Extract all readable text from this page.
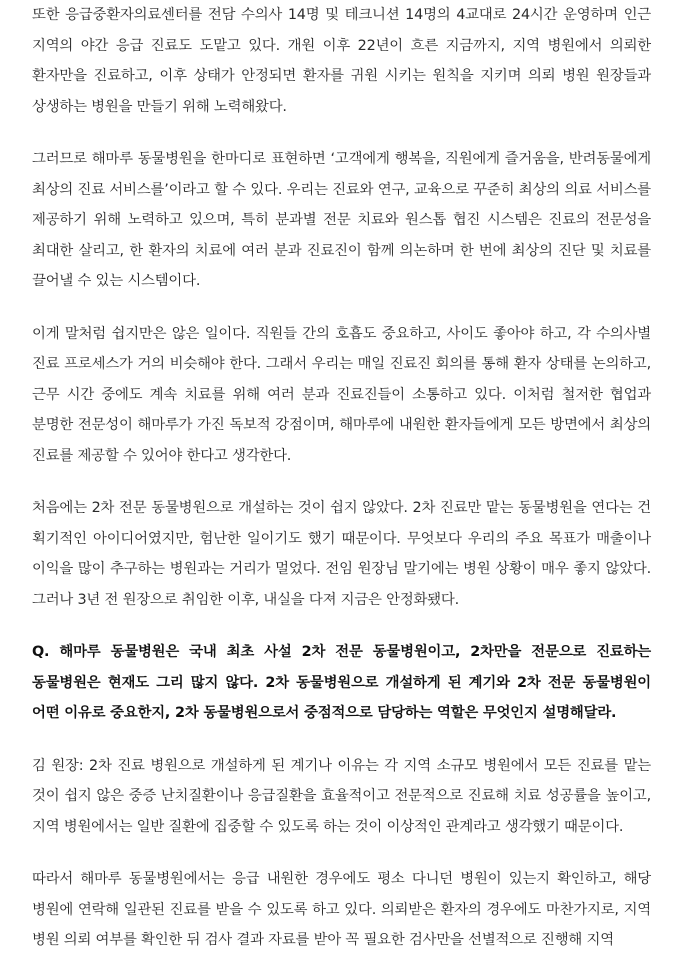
또한 응급중환자의료센터를 전담 수의사 14명 및 테크니션 14명의 4교대로 24시간 운영하며 인근 지역의 야간 응급 진료도 도맡고 있다. 개원 이후 22년이 흐른 지금까지, 지역 병원에서 의뢰한 환자만을 진료하고, 이후 상태가 안정되면 환자를 귀원 시키는 원칙을 지키며 의뢰 병원 원장들과 상생하는 병원을 만들기 위해 노력해왔다.

그러므로 해마루 동물병원을 한마디로 표현하면 ‘고객에게 행복을, 직원에게 즐거움을, 반려동물에게 최상의 진료 서비스를’이라고 할 수 있다. 우리는 진료와 연구, 교육으로 꾸준히 최상의 의료 서비스를 제공하기 위해 노력하고 있으며, 특히 분과별 전문 치료와 원스톱 협진 시스템은 진료의 전문성을 최대한 살리고, 한 환자의 치료에 여러 분과 진료진이 함께 의논하며 한 번에 최상의 진단 및 치료를 끌어낼 수 있는 시스템이다.

이게 말처럼 쉽지만은 않은 일이다. 직원들 간의 호흡도 중요하고, 사이도 좋아야 하고, 각 수의사별 진료 프로세스가 거의 비슷해야 한다. 그래서 우리는 매일 진료진 회의를 통해 환자 상태를 논의하고, 근무 시간 중에도 계속 치료를 위해 여러 분과 진료진들이 소통하고 있다. 이처럼 철저한 협업과 분명한 전문성이 해마루가 가진 독보적 강점이며, 해마루에 내원한 환자들에게 모든 방면에서 최상의 진료를 제공할 수 있어야 한다고 생각한다.

처음에는 2차 전문 동물병원으로 개설하는 것이 쉽지 않았다. 2차 진료만 맡는 동물병원을 연다는 건 획기적인 아이디어였지만, 험난한 일이기도 했기 때문이다. 무엇보다 우리의 주요 목표가 매출이나 이익을 많이 추구하는 병원과는 거리가 멀었다. 전임 원장님 말기에는 병원 상황이 매우 좋지 않았다. 그러나 3년 전 원장으로 취임한 이후, 내실을 다져 지금은 안정화됐다.

Q. 해마루 동물병원은 국내 최초 사설 2차 전문 동물병원이고, 2차만을 전문으로 진료하는 동물병원은 현재도 그리 많지 않다. 2차 동물병원으로 개설하게 된 계기와 2차 전문 동물병원이 어떤 이유로 중요한지, 2차 동물병원으로서 중점적으로 담당하는 역할은 무엇인지 설명해달라.

김 원장: 2차 진료 병원으로 개설하게 된 계기나 이유는 각 지역 소규모 병원에서 모든 진료를 맡는 것이 쉽지 않은 중증 난치질환이나 응급질환을 효율적이고 전문적으로 진료해 치료 성공률을 높이고, 지역 병원에서는 일반 질환에 집중할 수 있도록 하는 것이 이상적인 관계라고 생각했기 때문이다.

따라서 해마루 동물병원에서는 응급 내원한 경우에도 평소 다니던 병원이 있는지 확인하고, 해당 병원에 연락해 일관된 진료를 받을 수 있도록 하고 있다. 의뢰받은 환자의 경우에도 마찬가지로, 지역 병원 의뢰 여부를 확인한 뒤 검사 결과 자료를 받아 꼭 필요한 검사만을 선별적으로 진행해 지역
